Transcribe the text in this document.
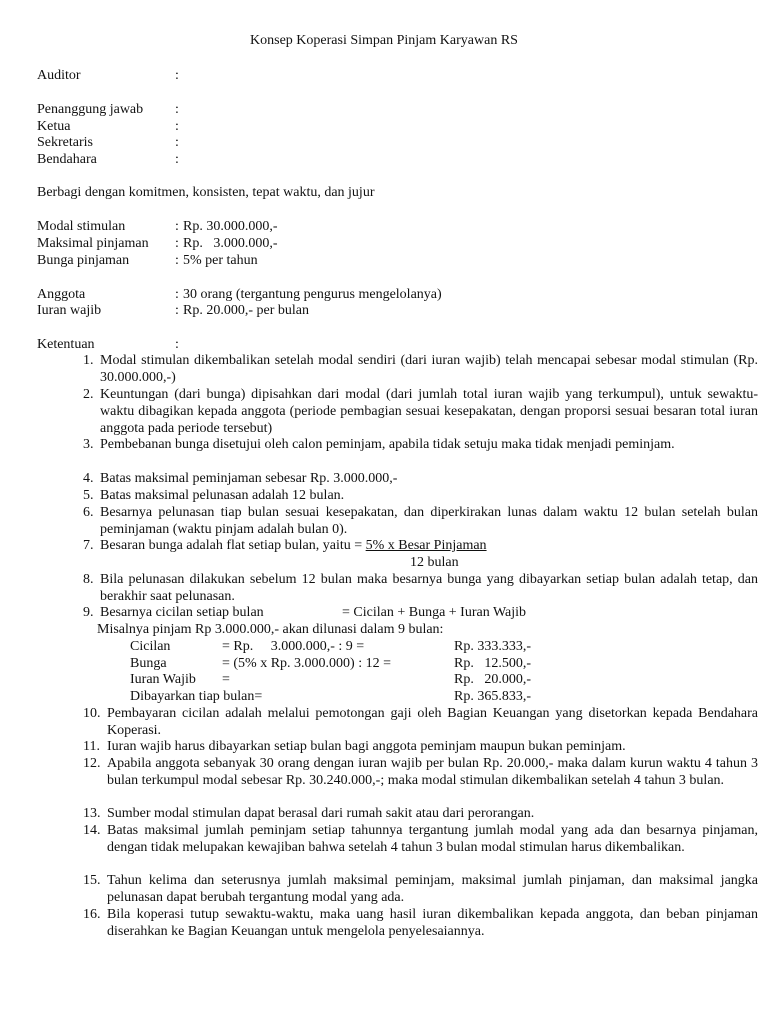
Konsep Koperasi Simpan Pinjam Karyawan RS
Auditor	:
Penanggung jawab :
Ketua	:
Sekretaris	:
Bendahara	:
Berbagi dengan komitmen, konsisten, tepat waktu, dan jujur
Modal stimulan	: Rp. 30.000.000,-
Maksimal pinjaman : Rp.   3.000.000,-
Bunga pinjaman	: 5% per tahun
Anggota	: 30 orang (tergantung pengurus mengelolanya)
Iuran wajib	: Rp. 20.000,- per bulan
Ketentuan	:
1. Modal stimulan dikembalikan setelah modal sendiri (dari iuran wajib) telah mencapai sebesar modal stimulan (Rp. 30.000.000,-)
2. Keuntungan (dari bunga) dipisahkan dari modal (dari jumlah total iuran wajib yang terkumpul), untuk sewaktu-waktu dibagikan kepada anggota (periode pembagian sesuai kesepakatan, dengan proporsi sesuai besaran total iuran anggota pada periode tersebut)
3. Pembebanan bunga disetujui oleh calon peminjam, apabila tidak setuju maka tidak menjadi peminjam.
4. Batas maksimal peminjaman sebesar Rp. 3.000.000,-
5. Batas maksimal pelunasan adalah 12 bulan.
6. Besarnya pelunasan tiap bulan sesuai kesepakatan, dan diperkirakan lunas dalam waktu 12 bulan setelah bulan peminjaman (waktu pinjam adalah bulan 0).
7. Besaran bunga adalah flat setiap bulan, yaitu = 5% x Besar Pinjaman
12 bulan
8. Bila pelunasan dilakukan sebelum 12 bulan maka besarnya bunga yang dibayarkan setiap bulan adalah tetap, dan berakhir saat pelunasan.
9. Besarnya cicilan setiap bulan	= Cicilan + Bunga + Iuran Wajib
Misalnya pinjam Rp 3.000.000,- akan dilunasi dalam 9 bulan:
Cicilan	= Rp.     3.000.000,- : 9 =	Rp. 333.333,-
Bunga	= (5% x Rp. 3.000.000) : 12 =	Rp.   12.500,-
Iuran Wajib =	Rp.   20.000,-
Dibayarkan tiap bulan=	Rp. 365.833,-
10. Pembayaran cicilan adalah melalui pemotongan gaji oleh Bagian Keuangan yang disetorkan kepada Bendahara Koperasi.
11. Iuran wajib harus dibayarkan setiap bulan bagi anggota peminjam maupun bukan peminjam.
12. Apabila anggota sebanyak 30 orang dengan iuran wajib per bulan Rp. 20.000,- maka dalam kurun waktu 4 tahun 3 bulan terkumpul modal sebesar Rp. 30.240.000,-; maka modal stimulan dikembalikan setelah 4 tahun 3 bulan.
13. Sumber modal stimulan dapat berasal dari rumah sakit atau dari perorangan.
14. Batas maksimal jumlah peminjam setiap tahunnya tergantung jumlah modal yang ada dan besarnya pinjaman, dengan tidak melupakan kewajiban bahwa setelah 4 tahun 3 bulan modal stimulan harus dikembalikan.
15. Tahun kelima dan seterusnya jumlah maksimal peminjam, maksimal jumlah pinjaman, dan maksimal jangka pelunasan dapat berubah tergantung modal yang ada.
16. Bila koperasi tutup sewaktu-waktu, maka uang hasil iuran dikembalikan kepada anggota, dan beban pinjaman diserahkan ke Bagian Keuangan untuk mengelola penyelesaiannya.
